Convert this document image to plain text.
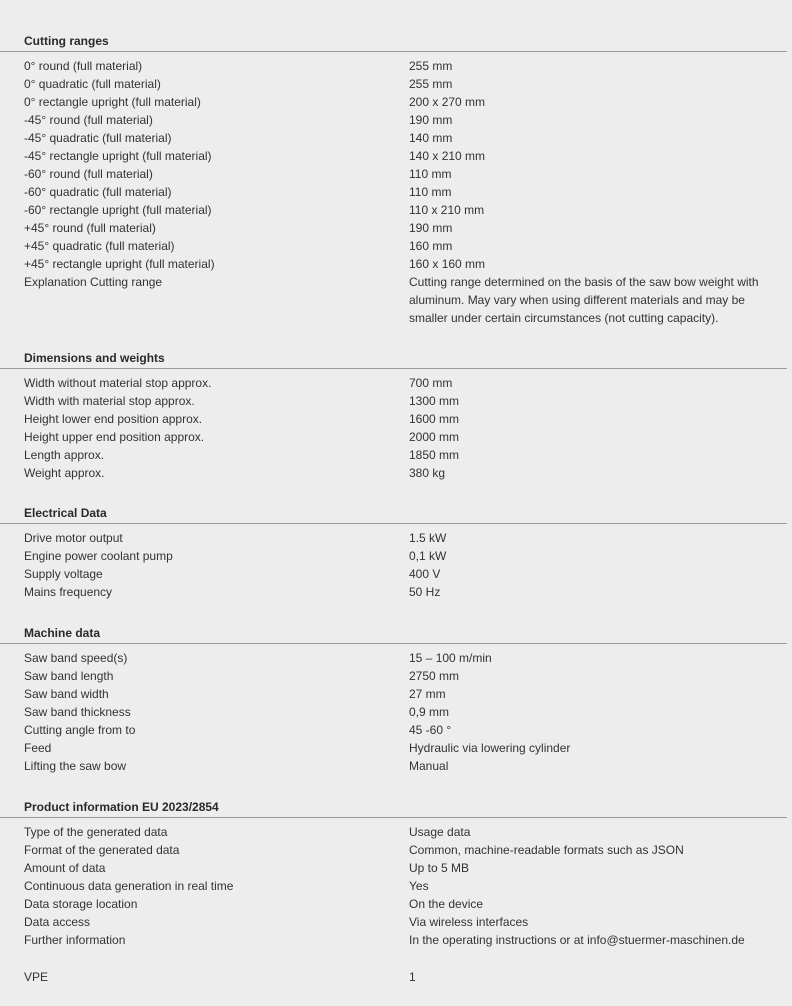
Cutting ranges
0° round (full material)	255 mm
0° quadratic (full material)	255 mm
0° rectangle upright (full material)	200 x 270 mm
-45° round (full material)	190 mm
-45° quadratic (full material)	140 mm
-45° rectangle upright (full material)	140 x 210 mm
-60° round (full material)	110 mm
-60° quadratic (full material)	110 mm
-60° rectangle upright (full material)	110 x 210 mm
+45° round (full material)	190 mm
+45° quadratic (full material)	160 mm
+45° rectangle upright (full material)	160 x 160 mm
Explanation Cutting range	Cutting range determined on the basis of the saw bow weight with aluminum. May vary when using different materials and may be smaller under certain circumstances (not cutting capacity).
Dimensions and weights
Width without material stop approx.	700 mm
Width with material stop approx.	1300 mm
Height lower end position approx.	1600 mm
Height upper end position approx.	2000 mm
Length approx.	1850 mm
Weight approx.	380 kg
Electrical Data
Drive motor output	1.5 kW
Engine power coolant pump	0,1 kW
Supply voltage	400 V
Mains frequency	50 Hz
Machine data
Saw band speed(s)	15 – 100 m/min
Saw band length	2750 mm
Saw band width	27 mm
Saw band thickness	0,9 mm
Cutting angle from to	45 -60 °
Feed	Hydraulic via lowering cylinder
Lifting the saw bow	Manual
Product information EU 2023/2854
Type of the generated data	Usage data
Format of the generated data	Common, machine-readable formats such as JSON
Amount of data	Up to 5 MB
Continuous data generation in real time	Yes
Data storage location	On the device
Data access	Via wireless interfaces
Further information	In the operating instructions or at info@stuermer-maschinen.de
VPE	1
